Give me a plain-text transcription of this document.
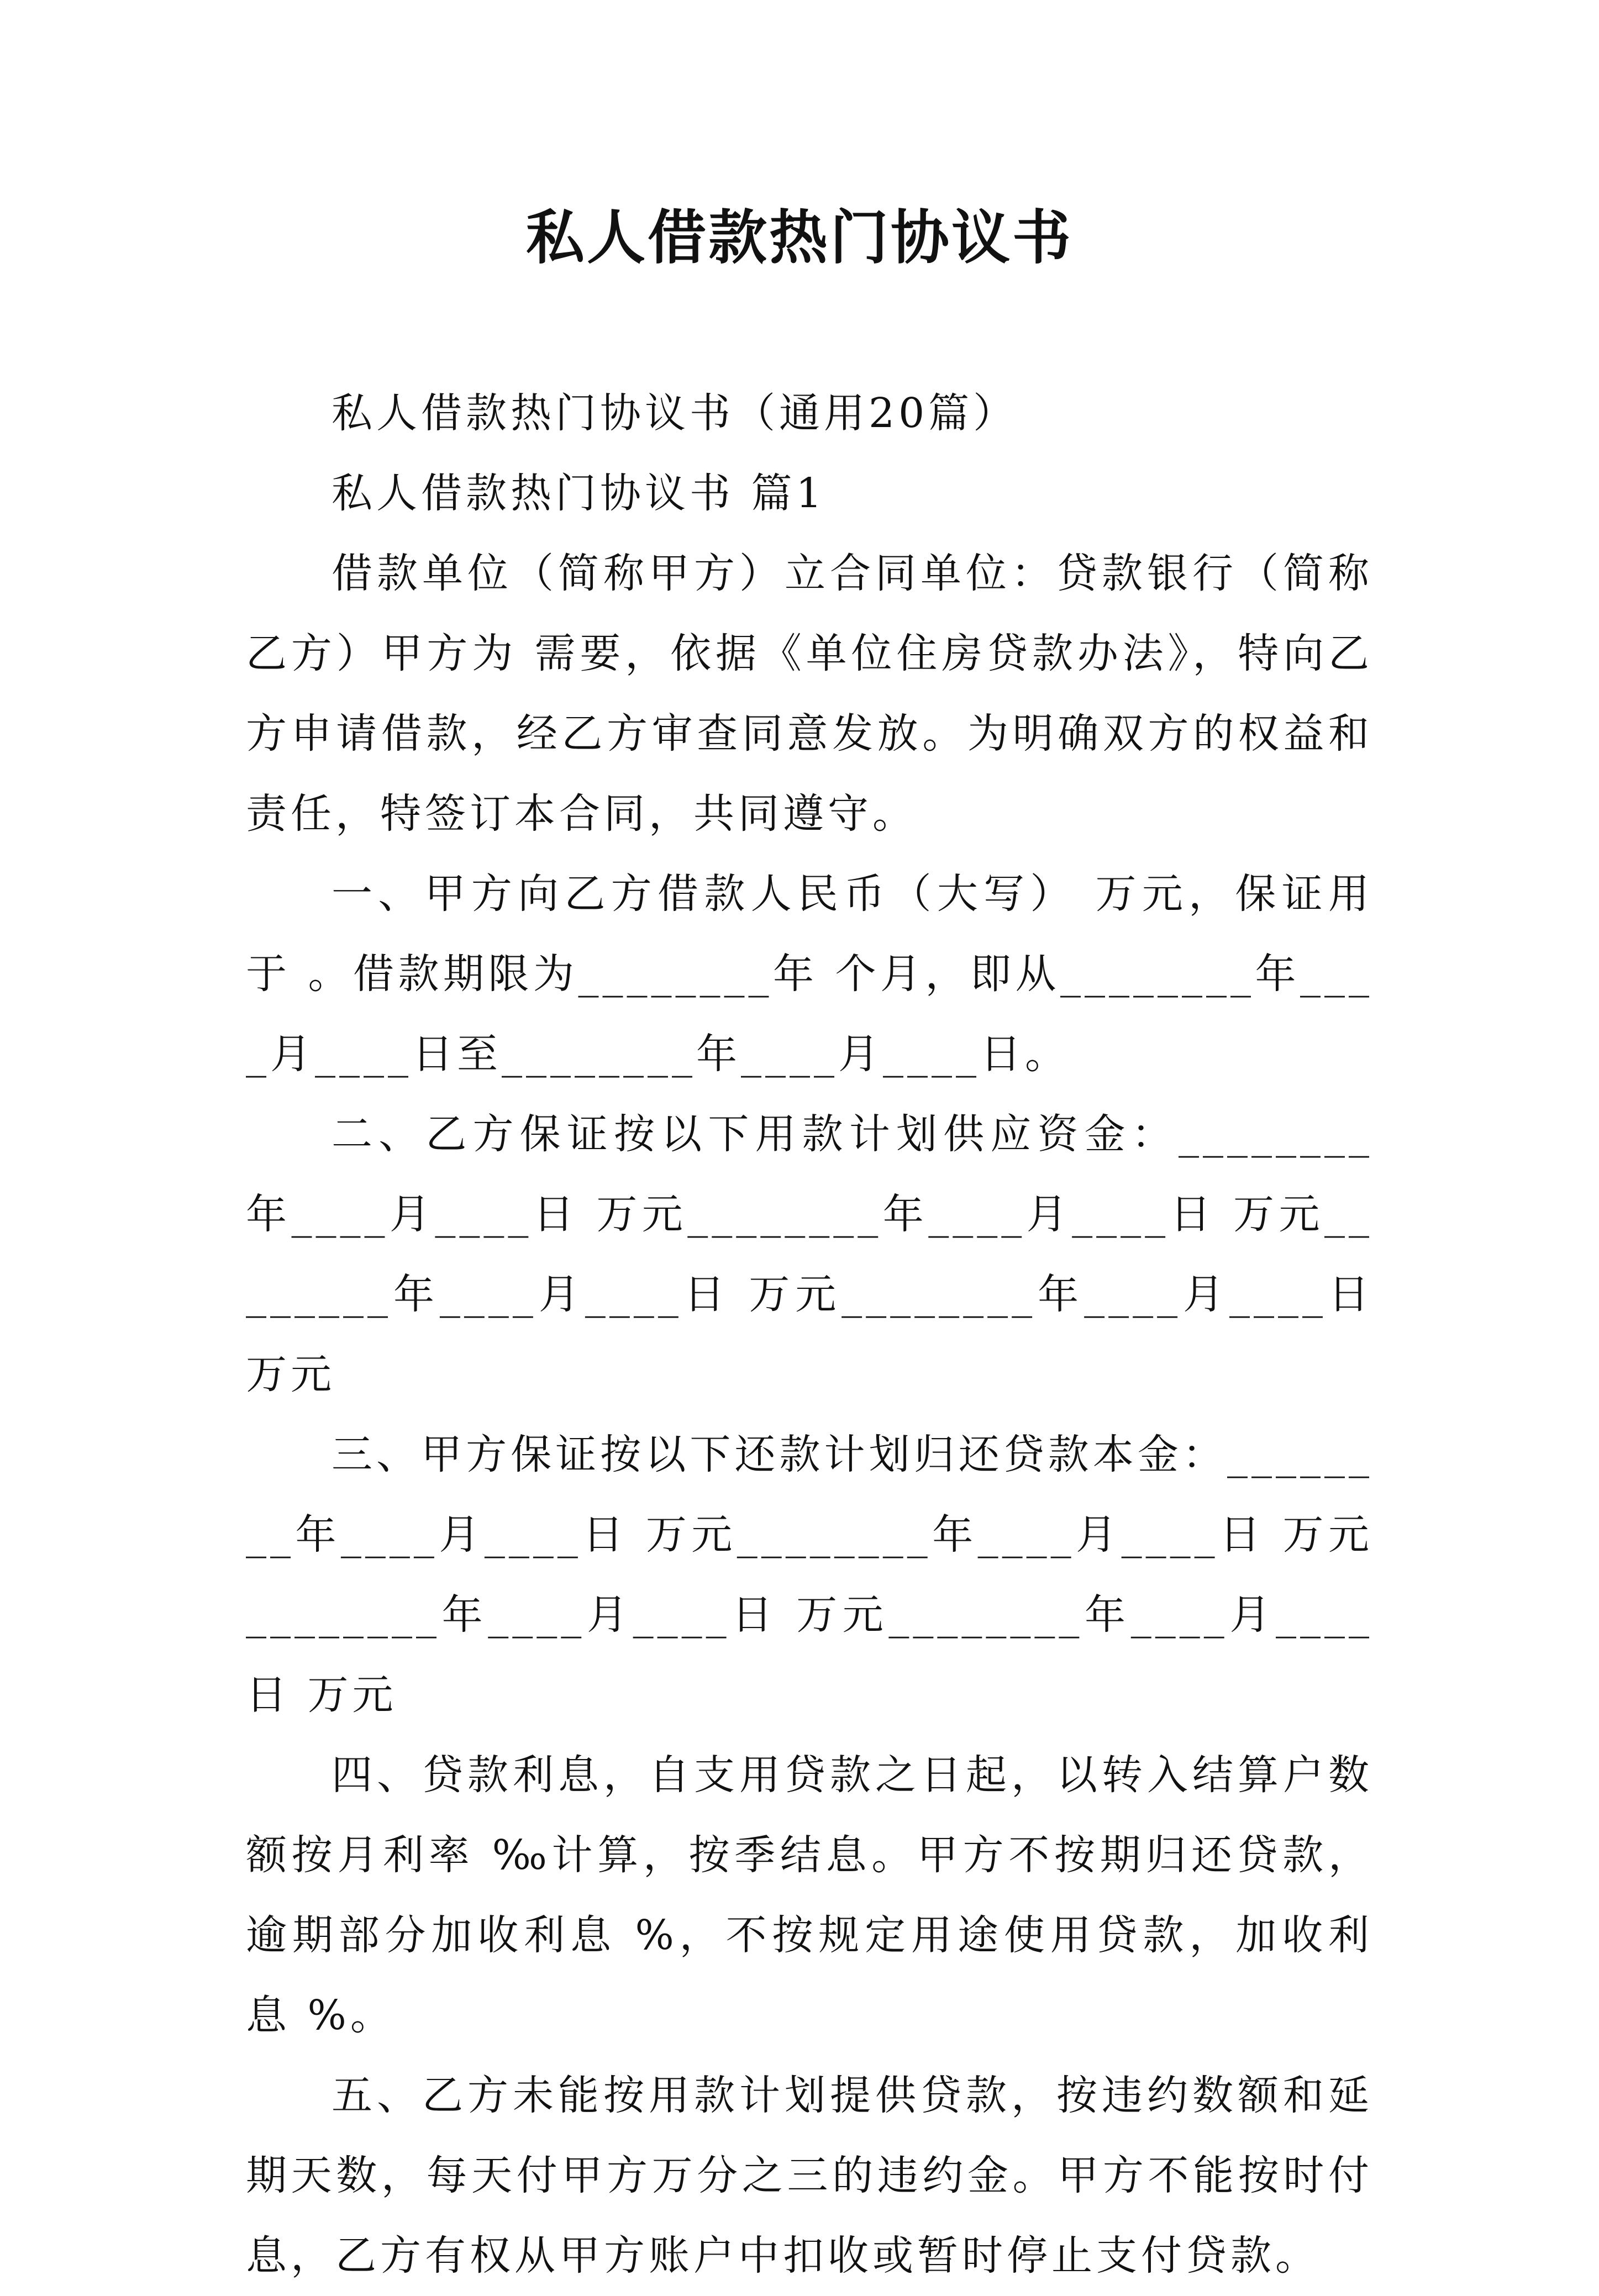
私人借款热门协议书

私人借款热门协议书（通用20篇）

私人借款热门协议书 篇1

借款单位（简称甲方）立合同单位：贷款银行（简称乙方）甲方为 需要，依据《单位住房贷款办法》，特向乙方申请借款，经乙方审查同意发放。为明确双方的权益和责任，特签订本合同，共同遵守。

一、甲方向乙方借款人民币（大写） 万元，保证用于 。借款期限为________年 个月，即从________年____月____日至________年____月____日。

二、乙方保证按以下用款计划供应资金：________年____月____日 万元________年____月____日 万元________年____月____日 万元________年____月____日 万元

三、甲方保证按以下还款计划归还贷款本金：________年____月____日 万元________年____月____日 万元________年____月____日 万元________年____月____日 万元

四、贷款利息，自支用贷款之日起，以转入结算户数额按月利率 ‰计算，按季结息。甲方不按期归还贷款，逾期部分加收利息 %，不按规定用途使用贷款，加收利息 %。

五、乙方未能按用款计划提供贷款，按违约数额和延期天数，每天付甲方万分之三的违约金。甲方不能按时付息，乙方有权从甲方账户中扣收或暂时停止支付贷款。
